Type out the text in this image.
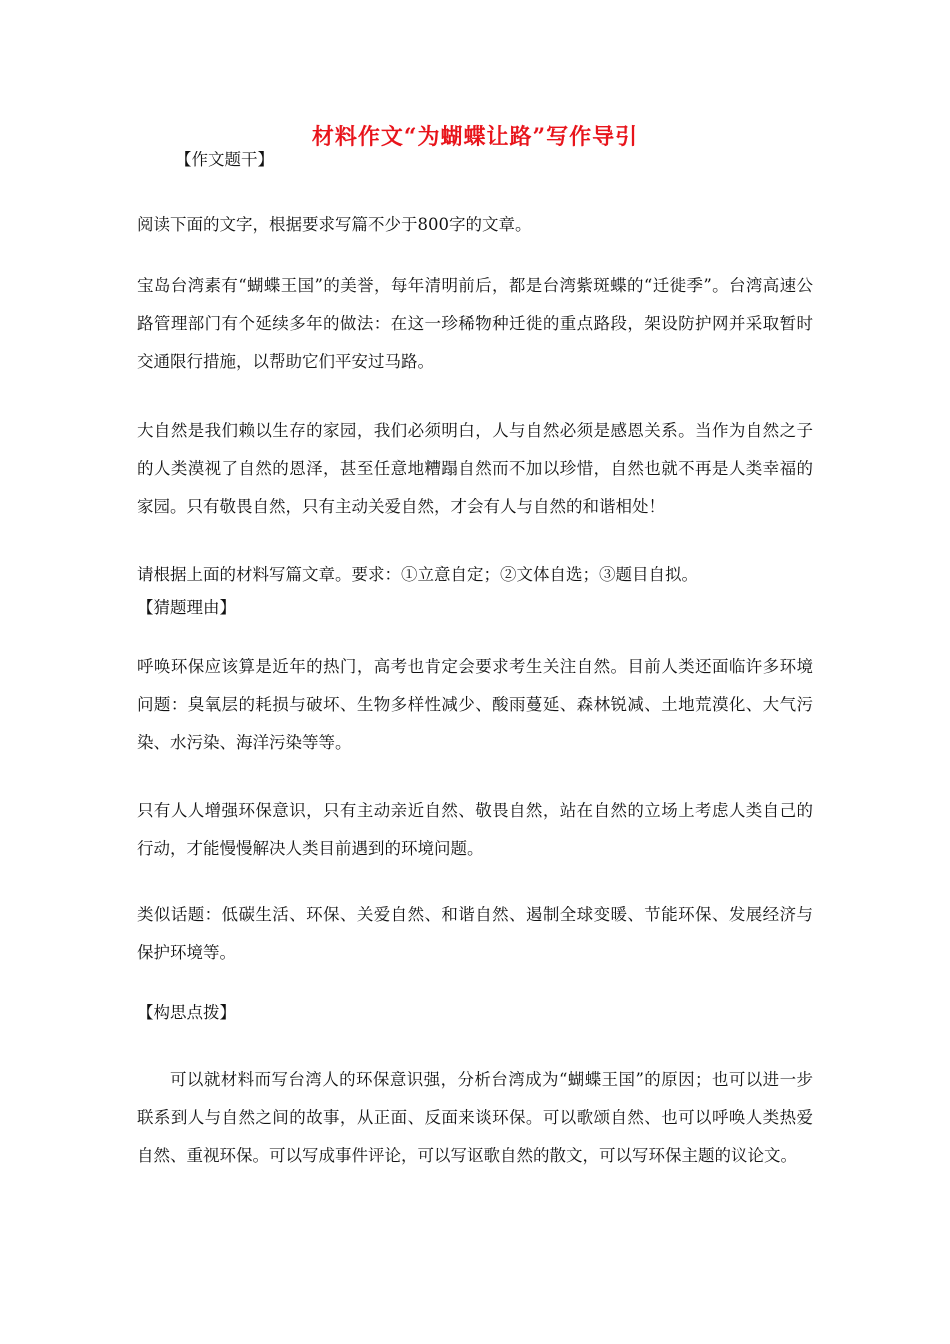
材料作文“为蝴蝶让路”写作导引

【作文题干】

阅读下面的文字，根据要求写篇不少于800字的文章。

宝岛台湾素有“蝴蝶王国”的美誉，每年清明前后，都是台湾紫斑蝶的“迁徙季”。台湾高速公路管理部门有个延续多年的做法：在这一珍稀物种迁徙的重点路段，架设防护网并采取暂时交通限行措施，以帮助它们平安过马路。

大自然是我们赖以生存的家园，我们必须明白，人与自然必须是感恩关系。当作为自然之子的人类漠视了自然的恩泽，甚至任意地糟蹋自然而不加以珍惜，自然也就不再是人类幸福的家园。只有敬畏自然，只有主动关爱自然，才会有人与自然的和谐相处！

请根据上面的材料写篇文章。要求：①立意自定；②文体自选；③题目自拟。

【猜题理由】

呼唤环保应该算是近年的热门，高考也肯定会要求考生关注自然。目前人类还面临许多环境问题：臭氧层的耗损与破坏、生物多样性减少、酸雨蔓延、森林锐减、土地荒漠化、大气污染、水污染、海洋污染等等。

只有人人增强环保意识，只有主动亲近自然、敬畏自然，站在自然的立场上考虑人类自己的行动，才能慢慢解决人类目前遇到的环境问题。

类似话题：低碳生活、环保、关爱自然、和谐自然、遏制全球变暖、节能环保、发展经济与保护环境等。

【构思点拨】

可以就材料而写台湾人的环保意识强，分析台湾成为“蝴蝶王国”的原因；也可以进一步联系到人与自然之间的故事，从正面、反面来谈环保。可以歌颂自然、也可以呼唤人类热爱自然、重视环保。可以写成事件评论，可以写讴歌自然的散文，可以写环保主题的议论文。
